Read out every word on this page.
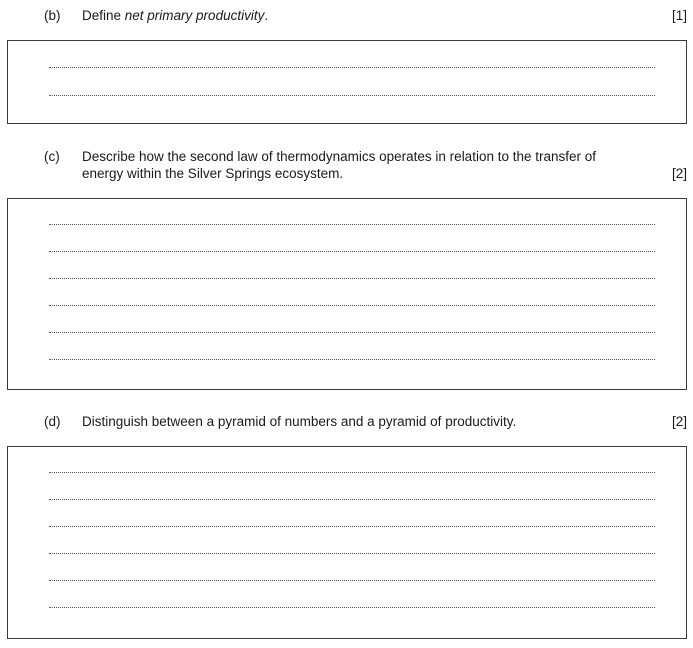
(b) Define net primary productivity.	[1]
(c) Describe how the second law of thermodynamics operates in relation to the transfer of
energy within the Silver Springs ecosystem.	[2]
(d) Distinguish between a pyramid of numbers and a pyramid of productivity.	[2]
